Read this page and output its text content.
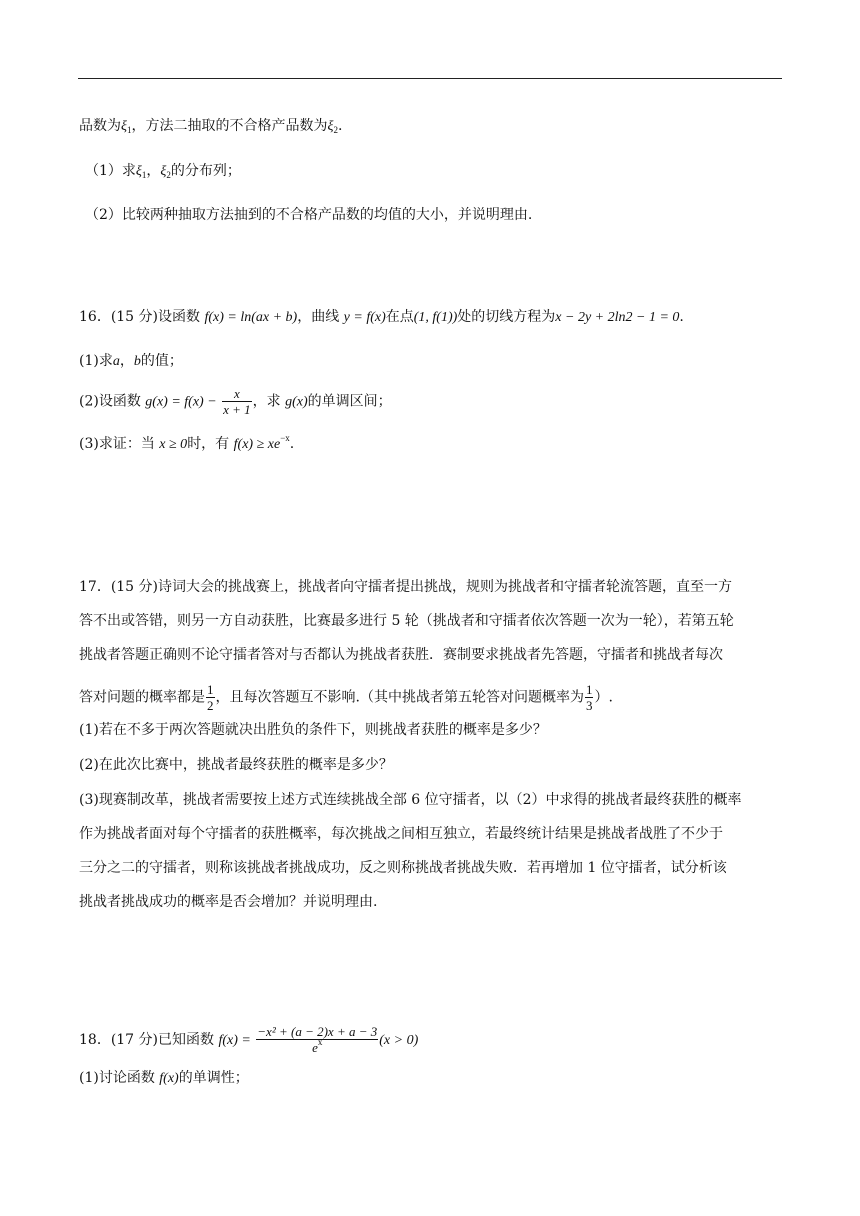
品数为$\xi_1$，方法二抽取的不合格产品数为$\xi_2$.
（1）求$\xi_1$，$\xi_2$的分布列；
（2）比较两种抽取方法抽到的不合格产品数的均值的大小，并说明理由.
16．(15 分)设函数 f(x) = ln(ax + b)，曲线 y = f(x)在点(1, f(1))处的切线方程为x − 2y + 2ln2 − 1 = 0.
(1)求a，b的值；
(2)设函数 $g(x) = f(x) - \frac{x}{x + 1}$ ，求 g(x)的单调区间；
(3)求证：当 x ≥ 0时，有 $f(x) \ge xe^{-x}$.
17．(15 分)诗词大会的挑战赛上，挑战者向守擂者提出挑战，规则为挑战者和守擂者轮流答题，直至一方
答不出或答错，则另一方自动获胜，比赛最多进行 5 轮（挑战者和守擂者依次答题一次为一轮），若第五轮
挑战者答题正确则不论守擂者答对与否都认为挑战者获胜．赛制要求挑战者先答题，守擂者和挑战者每次
答对问题的概率都是 $\frac{1}{2}$ ，且每次答题互不影响.（其中挑战者第五轮答对问题概率为 $\frac{1}{3}$ ）.
(1)若在不多于两次答题就决出胜负的条件下，则挑战者获胜的概率是多少？
(2)在此次比赛中，挑战者最终获胜的概率是多少？
(3)现赛制改革，挑战者需要按上述方式连续挑战全部 6 位守擂者，以（2）中求得的挑战者最终获胜的概率
作为挑战者面对每个守擂者的获胜概率，每次挑战之间相互独立，若最终统计结果是挑战者战胜了不少于
三分之二的守擂者，则称该挑战者挑战成功，反之则称挑战者挑战失败．若再增加 1 位守擂者，试分析该
挑战者挑战成功的概率是否会增加？并说明理由.
18．(17 分)已知函数 $f(x) = \frac{\text{−x² + (a − 2)x + a − 3}}{e^x} (x > 0)$
(1)讨论函数 f(x)的单调性；
